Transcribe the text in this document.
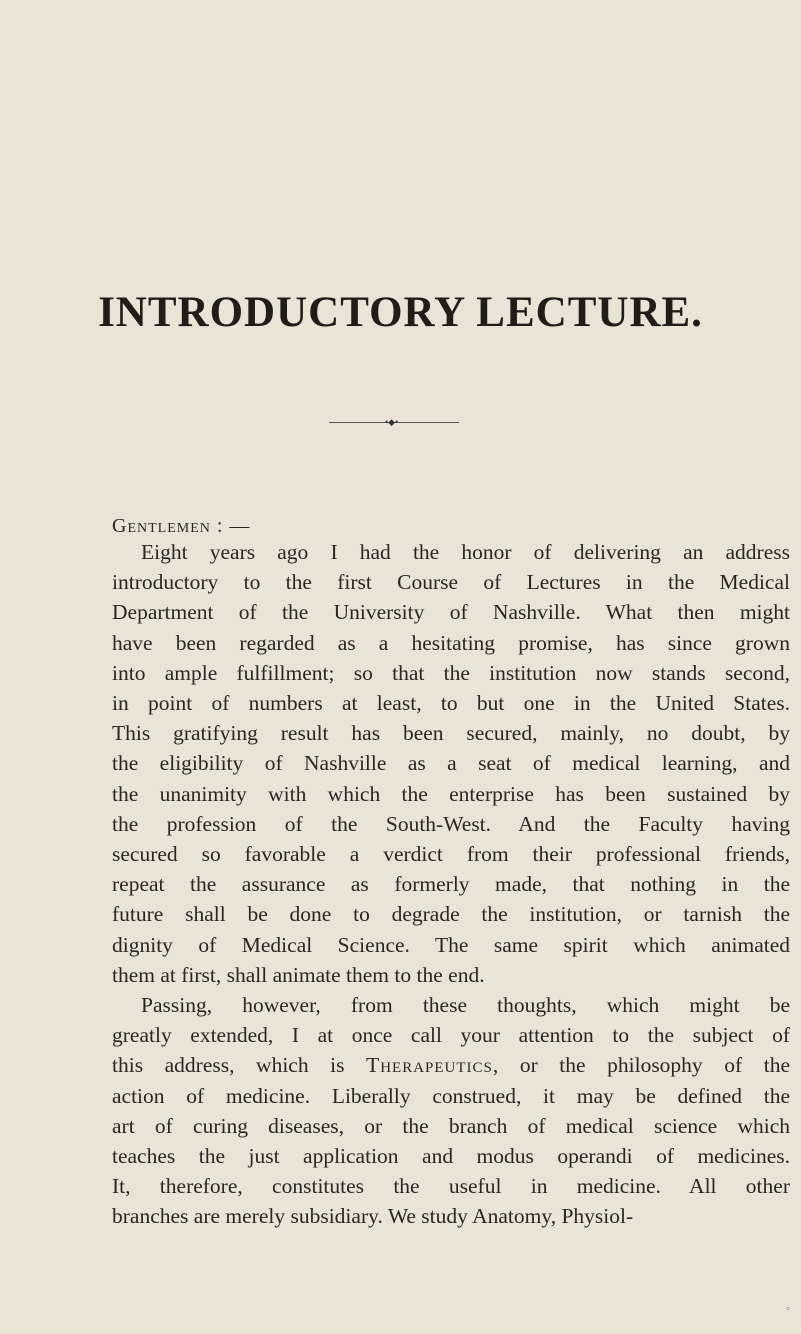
INTRODUCTORY LECTURE.
•◆•
Gentlemen : —
Eight years ago I had the honor of delivering an address
introductory to the first Course of Lectures in the Medical
Department of the University of Nashville. What then might
have been regarded as a hesitating promise, has since grown
into ample fulfillment; so that the institution now stands second,
in point of numbers at least, to but one in the United States.
This gratifying result has been secured, mainly, no doubt, by
the eligibility of Nashville as a seat of medical learning, and
the unanimity with which the enterprise has been sustained by
the profession of the South-West. And the Faculty having
secured so favorable a verdict from their professional friends,
repeat the assurance as formerly made, that nothing in the
future shall be done to degrade the institution, or tarnish the
dignity of Medical Science. The same spirit which animated
them at first, shall animate them to the end.
Passing, however, from these thoughts, which might be
greatly extended, I at once call your attention to the subject of
this address, which is Therapeutics, or the philosophy of the
action of medicine. Liberally construed, it may be defined the
art of curing diseases, or the branch of medical science which
teaches the just application and modus operandi of medicines.
It, therefore, constitutes the useful in medicine. All other
branches are merely subsidiary. We study Anatomy, Physiol-
°
